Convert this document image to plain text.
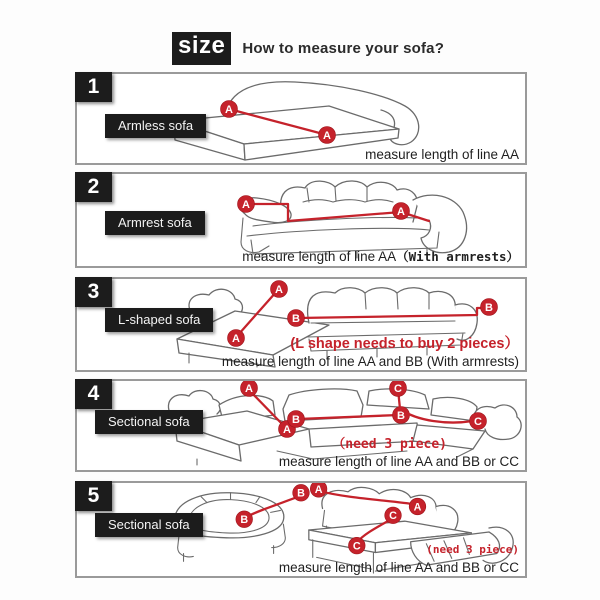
size	How to measure your sofa?
1
Armless sofa
A
A
measure length of line AA
2
Armrest sofa
A
A
measure length of line AA（With armrests）
3
L-shaped sofa
A
A
B
B
(L shape needs to buy 2 pieces）
measure length of line AA and BB (With armrests)
4
Sectional sofa
A
A
B	B
C
C
（need 3 piece)
measure length of line AA and BB or CC
5
Sectional sofa
B
B
A
A
C
C	(need 3 piece)
measure length of line AA and BB or CC
